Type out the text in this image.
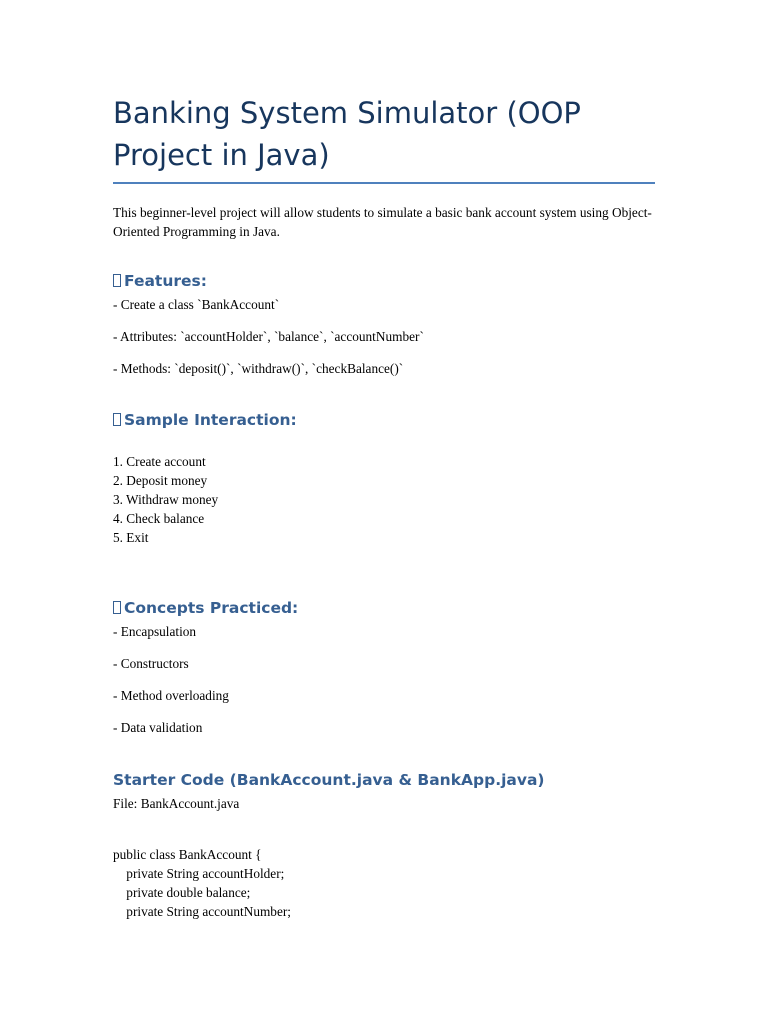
Banking System Simulator (OOP Project in Java)

This beginner-level project will allow students to simulate a basic bank account system using Object-Oriented Programming in Java.

Features:

- Create a class `BankAccount`

- Attributes: `accountHolder`, `balance`, `accountNumber`

- Methods: `deposit()`, `withdraw()`, `checkBalance()`

Sample Interaction:

1. Create account

2. Deposit money

3. Withdraw money

4. Check balance

5. Exit

Concepts Practiced:

- Encapsulation

- Constructors

- Method overloading

- Data validation

Starter Code (BankAccount.java & BankApp.java)

File: BankAccount.java

public class BankAccount {

private String accountHolder;

private double balance;

private String accountNumber;
